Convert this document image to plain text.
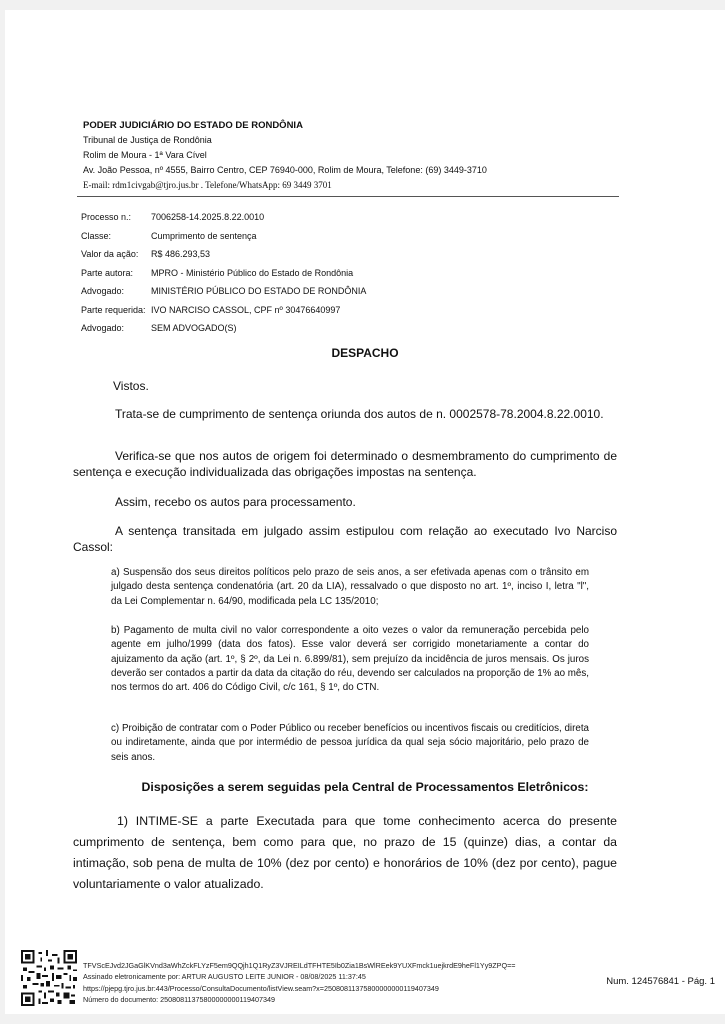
PODER JUDICIÁRIO DO ESTADO DE RONDÔNIA
Tribunal de Justiça de Rondônia
Rolim de Moura - 1ª Vara Cível
Av. João Pessoa, nº 4555, Bairro Centro, CEP 76940-000, Rolim de Moura, Telefone: (69) 3449-3710
E-mail: rdm1civgab@tjro.jus.br . Telefone/WhatsApp: 69 3449 3701
Processo n.:	7006258-14.2025.8.22.0010
Classe:	Cumprimento de sentença
Valor da ação:	R$ 486.293,53
Parte autora:	MPRO - Ministério Público do Estado de Rondônia
Advogado:	MINISTÉRIO PÚBLICO DO ESTADO DE RONDÔNIA
Parte requerida: IVO NARCISO CASSOL, CPF nº 30476640997
Advogado:	SEM ADVOGADO(S)
DESPACHO
Vistos.
Trata-se de cumprimento de sentença oriunda dos autos de n. 0002578-78.2004.8.22.0010.
Verifica-se que nos autos de origem foi determinado o desmembramento do cumprimento de sentença e execução individualizada das obrigações impostas na sentença.
Assim, recebo os autos para processamento.
A sentença transitada em julgado assim estipulou com relação ao executado Ivo Narciso Cassol:
a) Suspensão dos seus direitos políticos pelo prazo de seis anos, a ser efetivada apenas com o trânsito em julgado desta sentença condenatória (art. 20 da LIA), ressalvado o que disposto no art. 1º, inciso I, letra "l", da Lei Complementar n. 64/90, modificada pela LC 135/2010;
b) Pagamento de multa civil no valor correspondente a oito vezes o valor da remuneração percebida pelo agente em julho/1999 (data dos fatos). Esse valor deverá ser corrigido monetariamente a contar do ajuizamento da ação (art. 1º, § 2º, da Lei n. 6.899/81), sem prejuízo da incidência de juros mensais. Os juros deverão ser contados a partir da data da citação do réu, devendo ser calculados na proporção de 1% ao mês, nos termos do art. 406 do Código Civil, c/c 161, § 1º, do CTN.
c) Proibição de contratar com o Poder Público ou receber benefícios ou incentivos fiscais ou creditícios, direta ou indiretamente, ainda que por intermédio de pessoa jurídica da qual seja sócio majoritário, pelo prazo de seis anos.
Disposições a serem seguidas pela Central de Processamentos Eletrônicos:
1) INTIME-SE a parte Executada para que tome conhecimento acerca do presente cumprimento de sentença, bem como para que, no prazo de 15 (quinze) dias, a contar da intimação, sob pena de multa de 10% (dez por cento) e honorários de 10% (dez por cento), pague voluntariamente o valor atualizado.
TFVScEJvd2JGaGlKVnd3aWhZckFLYzF5em9QQjh1Q1RyZ3VJREILdTFHTE5Ib0Zia1BsWlREek9YUXFmck1uejkrdE9heFl1Yy9ZPQ==
Assinado eletronicamente por: ARTUR AUGUSTO LEITE JUNIOR - 08/08/2025 11:37:45
https://pjepg.tjro.jus.br:443/Processo/ConsultaDocumento/listView.seam?x=25080811375800000000119407349
Número do documento: 25080811375800000000119407349
Num. 124576841 - Pág. 1
